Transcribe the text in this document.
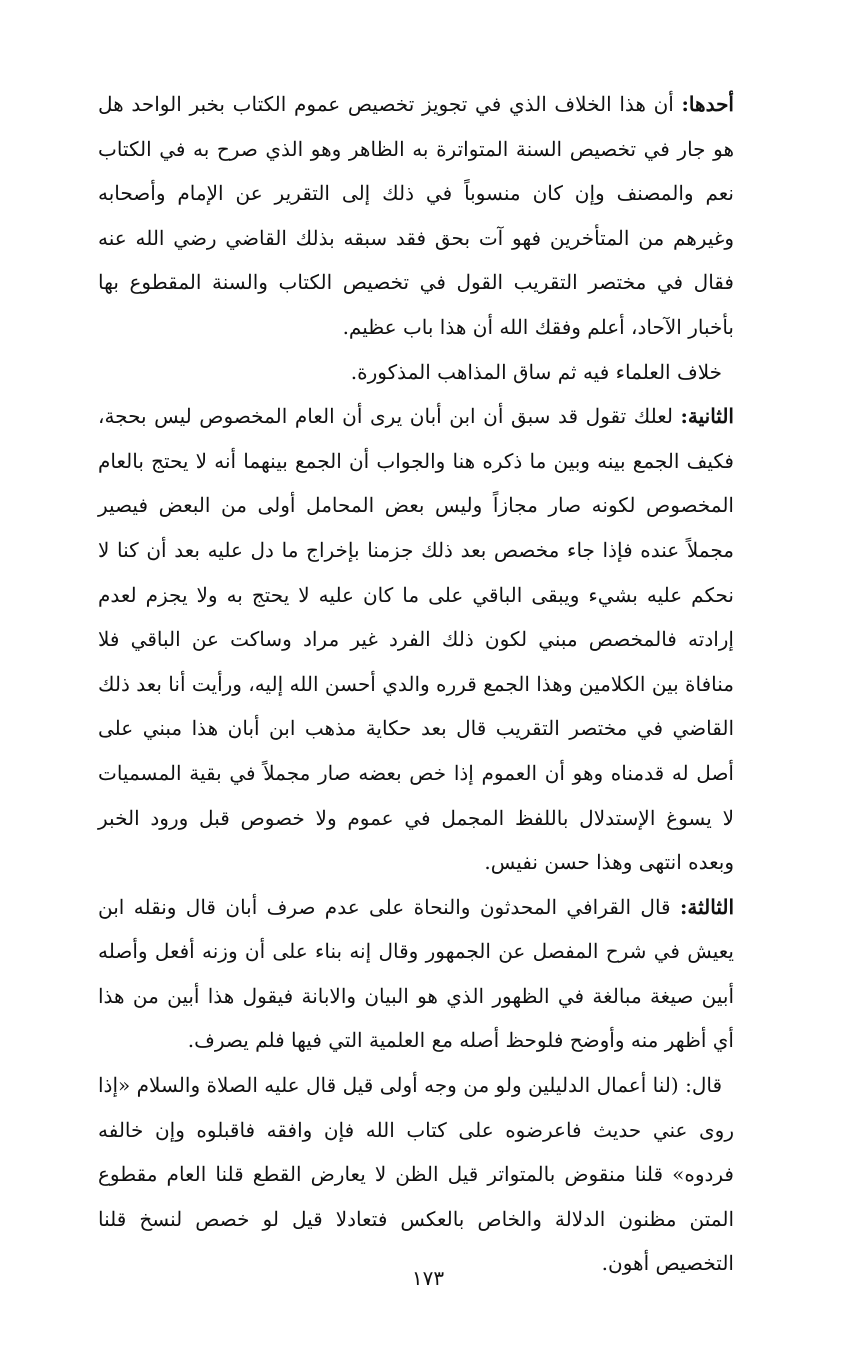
أحدها: أن هذا الخلاف الذي في تجويز تخصيص عموم الكتاب بخبر الواحد هل هو جار في تخصيص السنة المتواترة به الظاهر وهو الذي صرح به في الكتاب نعم والمصنف وإن كان منسوباً في ذلك إلى التقرير عن الإمام وأصحابه وغيرهم من المتأخرين فهو آت بحق فقد سبقه بذلك القاضي رضي الله عنه فقال في مختصر التقريب القول في تخصيص الكتاب والسنة المقطوع بها بأخبار الآحاد، أعلم وفقك الله أن هذا باب عظيم.

خلاف العلماء فيه ثم ساق المذاهب المذكورة.

الثانية: لعلك تقول قد سبق أن ابن أبان يرى أن العام المخصوص ليس بحجة، فكيف الجمع بينه وبين ما ذكره هنا والجواب أن الجمع بينهما أنه لا يحتج بالعام المخصوص لكونه صار مجازاً وليس بعض المحامل أولى من البعض فيصير مجملاً عنده فإذا جاء مخصص بعد ذلك جزمنا بإخراج ما دل عليه بعد أن كنا لا نحكم عليه بشيء ويبقى الباقي على ما كان عليه لا يحتج به ولا يجزم لعدم إرادته فالمخصص مبني لكون ذلك الفرد غير مراد وساكت عن الباقي فلا منافاة بين الكلامين وهذا الجمع قرره والدي أحسن الله إليه، ورأيت أنا بعد ذلك القاضي في مختصر التقريب قال بعد حكاية مذهب ابن أبان هذا مبني على أصل له قدمناه وهو أن العموم إذا خص بعضه صار مجملاً في بقية المسميات لا يسوغ الإستدلال باللفظ المجمل في عموم ولا خصوص قبل ورود الخبر وبعده انتهى وهذا حسن نفيس.

الثالثة: قال القرافي المحدثون والنحاة على عدم صرف أبان قال ونقله ابن يعيش في شرح المفصل عن الجمهور وقال إنه بناء على أن وزنه أفعل وأصله أبين صيغة مبالغة في الظهور الذي هو البيان والابانة فيقول هذا أبين من هذا أي أظهر منه وأوضح فلوحظ أصله مع العلمية التي فيها فلم يصرف.

قال: (لنا أعمال الدليلين ولو من وجه أولى قيل قال عليه الصلاة والسلام «إذا روى عني حديث فاعرضوه على كتاب الله فإن وافقه فاقبلوه وإن خالفه فردوه» قلنا منقوض بالمتواتر قيل الظن لا يعارض القطع قلنا العام مقطوع المتن مظنون الدلالة والخاص بالعكس فتعادلا قيل لو خصص لنسخ قلنا التخصيص أهون.

١٧٣
